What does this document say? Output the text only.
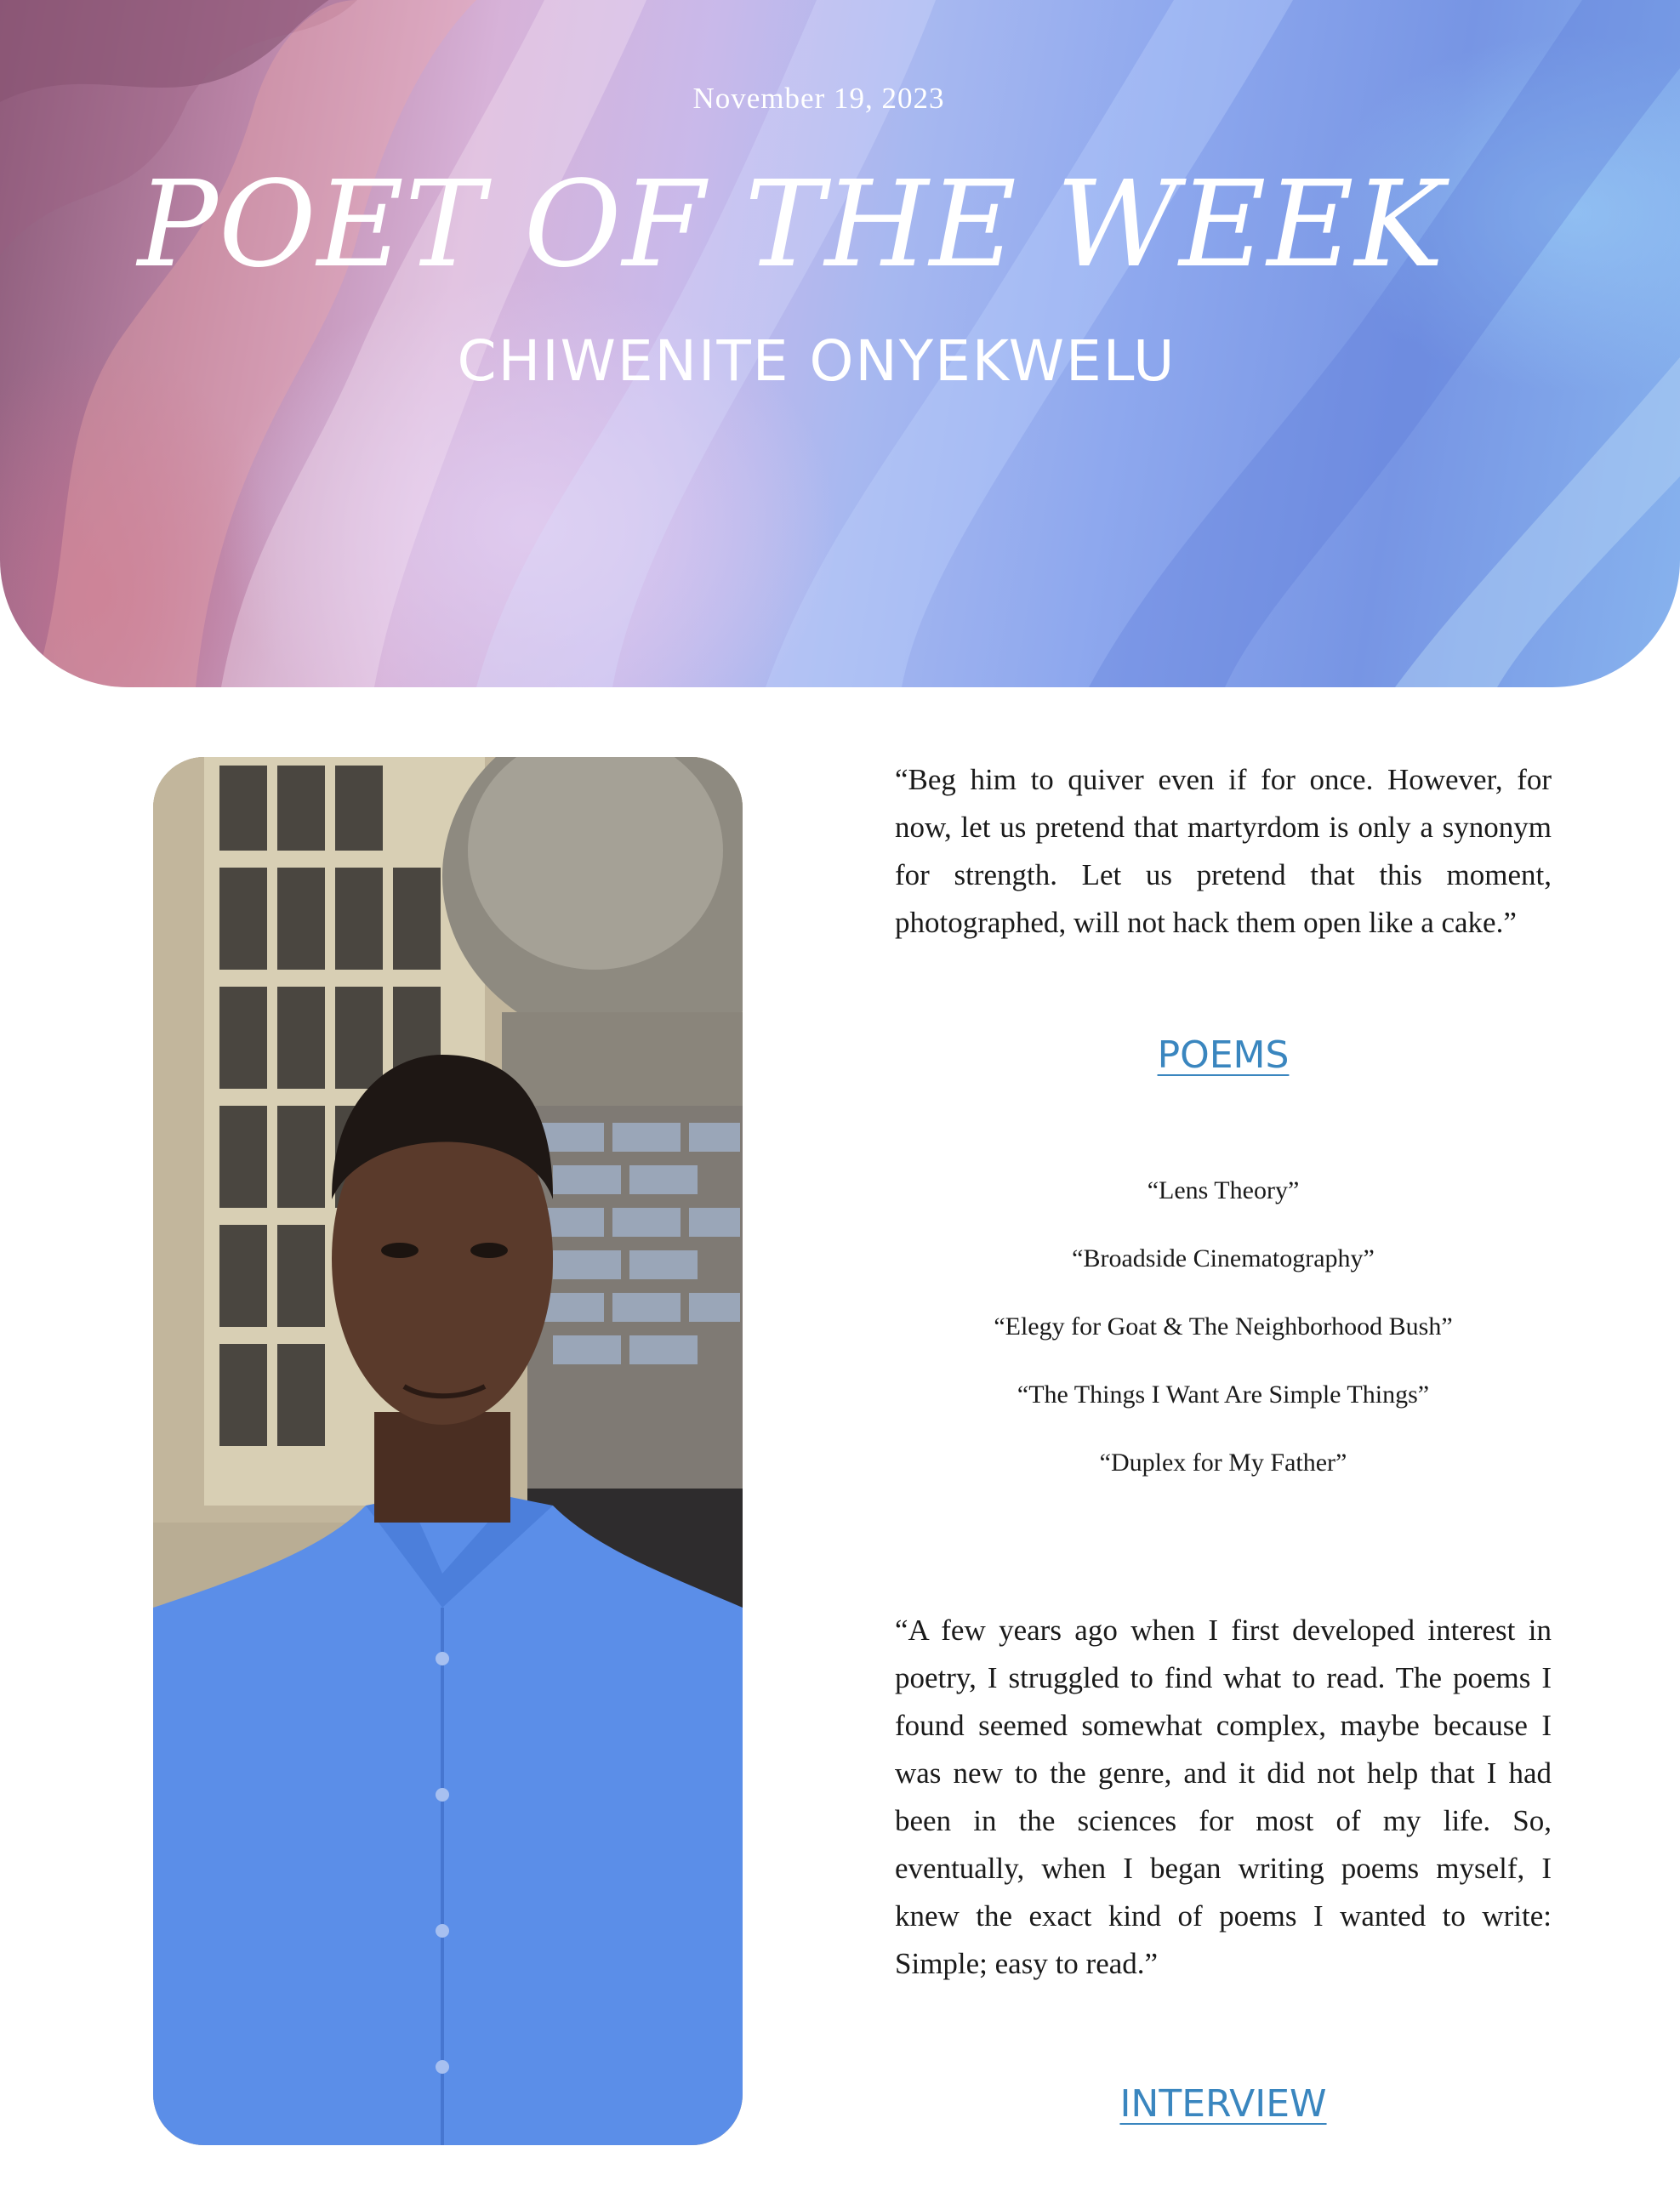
November 19, 2023
POET OF THE WEEK
CHIWENITE ONYEKWELU

“Beg him to quiver even if for once. However, for now, let us pretend that martyrdom is only a synonym for strength. Let us pretend that this moment, photographed, will not hack them open like a cake.”

POEMS
“Lens Theory”
“Broadside Cinematography”
“Elegy for Goat & The Neighborhood Bush”
“The Things I Want Are Simple Things”
“Duplex for My Father”

“A few years ago when I first developed interest in poetry, I struggled to find what to read. The poems I found seemed somewhat complex, maybe because I was new to the genre, and it did not help that I had been in the sciences for most of my life. So, eventually, when I began writing poems myself, I knew the exact kind of poems I wanted to write: Simple; easy to read.”

INTERVIEW
